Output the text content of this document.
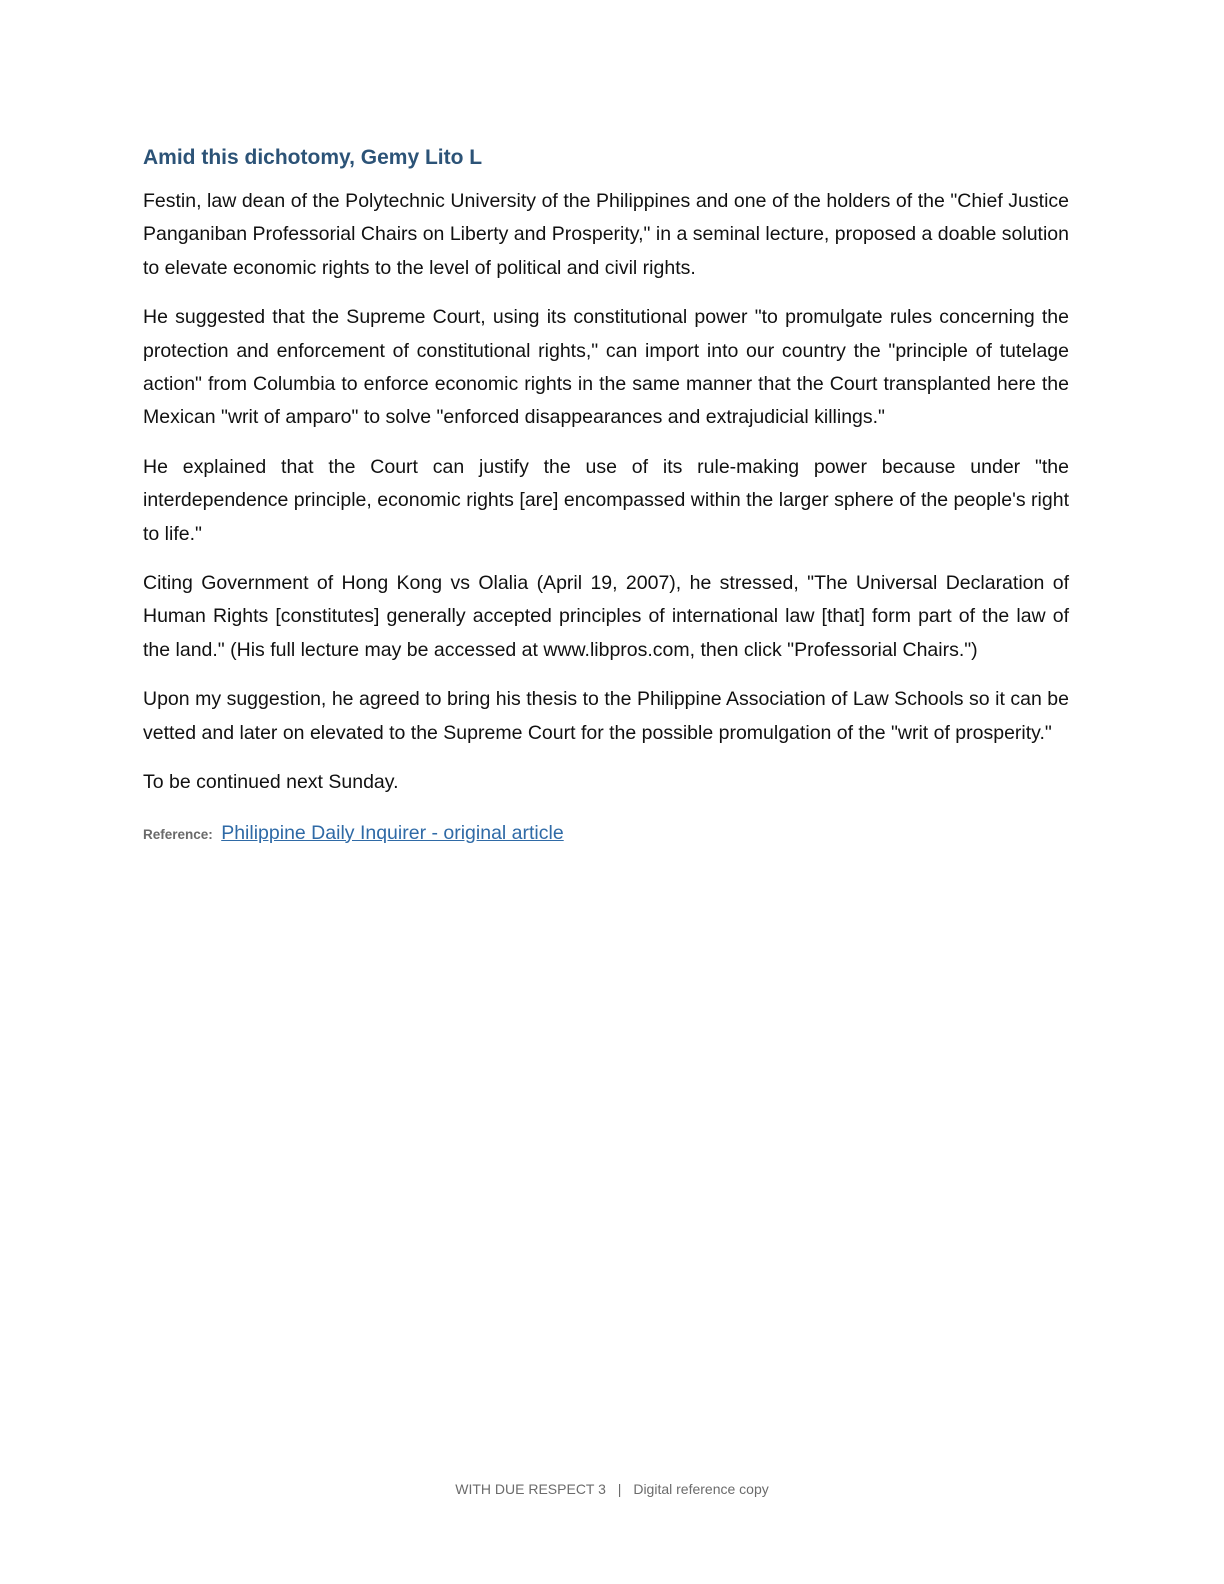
Amid this dichotomy, Gemy Lito L

Festin, law dean of the Polytechnic University of the Philippines and one of the holders of the "Chief Justice Panganiban Professorial Chairs on Liberty and Prosperity," in a seminal lecture, proposed a doable solution to elevate economic rights to the level of political and civil rights.

He suggested that the Supreme Court, using its constitutional power "to promulgate rules concerning the protection and enforcement of constitutional rights," can import into our country the "principle of tutelage action" from Columbia to enforce economic rights in the same manner that the Court transplanted here the Mexican "writ of amparo" to solve "enforced disappearances and extrajudicial killings."

He explained that the Court can justify the use of its rule-making power because under "the interdependence principle, economic rights [are] encompassed within the larger sphere of the people's right to life."

Citing Government of Hong Kong vs Olalia (April 19, 2007), he stressed, "The Universal Declaration of Human Rights [constitutes] generally accepted principles of international law [that] form part of the law of the land." (His full lecture may be accessed at www.libpros.com, then click "Professorial Chairs.")

Upon my suggestion, he agreed to bring his thesis to the Philippine Association of Law Schools so it can be vetted and later on elevated to the Supreme Court for the possible promulgation of the "writ of prosperity."

To be continued next Sunday.

Reference: Philippine Daily Inquirer - original article

WITH DUE RESPECT 3 | Digital reference copy
